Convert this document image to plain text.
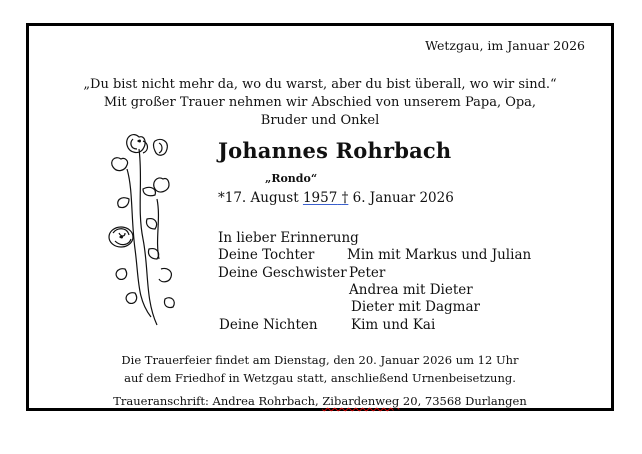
Wetzgau, im Januar 2026
„Du bist nicht mehr da, wo du warst, aber du bist überall, wo wir sind.“
Mit großer Trauer nehmen wir Abschied von unserem Papa, Opa,
Bruder und Onkel
Johannes Rohrbach
„Rondo“
*17. August 1957 † 6. Januar 2026
In lieber Erinnerung
Deine Tochter Min mit Markus und Julian
Deine Geschwister Peter
Andrea mit Dieter
Dieter mit Dagmar
Deine Nichten Kim und Kai
Die Trauerfeier findet am Dienstag, den 20. Januar 2026 um 12 Uhr
auf dem Friedhof in Wetzgau statt, anschließend Urnenbeisetzung.
Traueranschrift: Andrea Rohrbach, Zibardenweg 20, 73568 Durlangen
